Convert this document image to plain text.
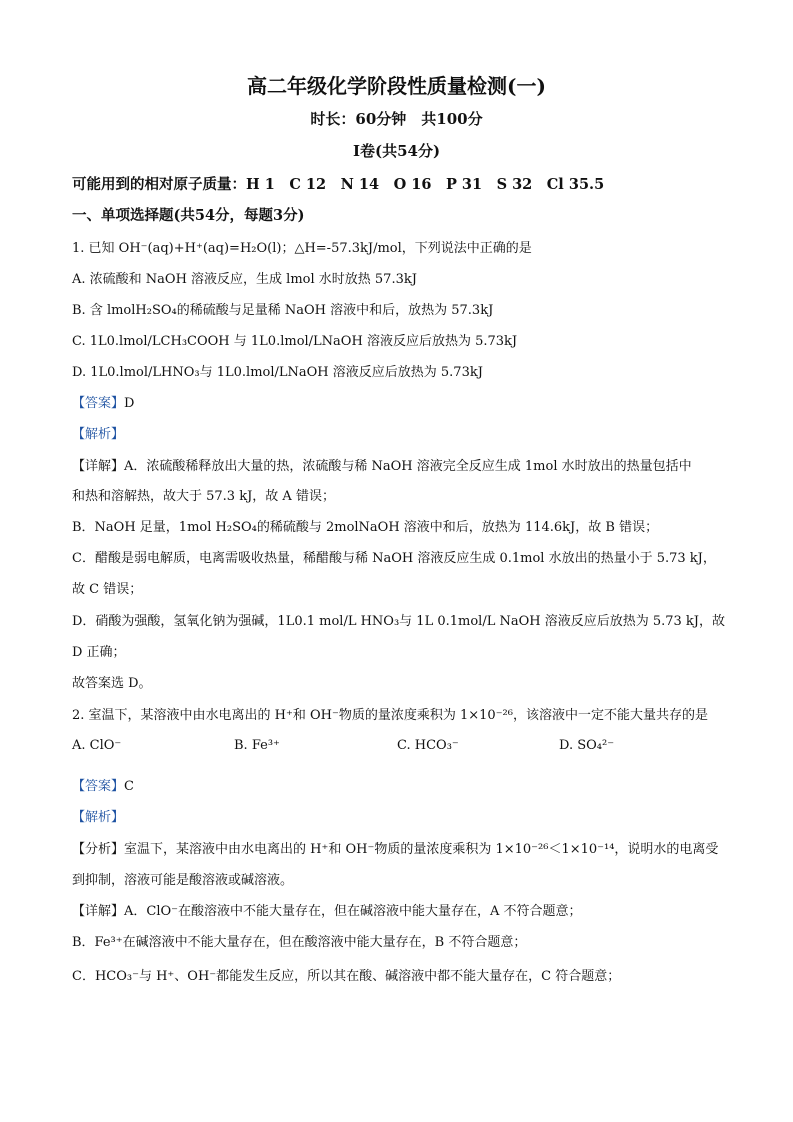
高二年级化学阶段性质量检测(一)
时长：60分钟　共100分
I卷(共54分)
可能用到的相对原子质量：H 1　C 12　N 14　O 16　P 31　S 32　Cl 35.5
一、单项选择题(共54分，每题3分)
1. 已知 OH⁻(aq)+H⁺(aq)=H₂O(l)；△H=-57.3kJ/mol，下列说法中正确的是
A. 浓硫酸和 NaOH 溶液反应，生成 lmol 水时放热 57.3kJ
B. 含 lmolH₂SO₄的稀硫酸与足量稀 NaOH 溶液中和后，放热为 57.3kJ
C. 1L0.lmol/LCH₃COOH 与 1L0.lmol/LNaOH 溶液反应后放热为 5.73kJ
D. 1L0.lmol/LHNO₃与 1L0.lmol/LNaOH 溶液反应后放热为 5.73kJ
【答案】D
【解析】
【详解】A．浓硫酸稀释放出大量的热，浓硫酸与稀 NaOH 溶液完全反应生成 1mol 水时放出的热量包括中
和热和溶解热，故大于 57.3 kJ，故 A 错误；
B．NaOH 足量，1mol H₂SO₄的稀硫酸与 2molNaOH 溶液中和后，放热为 114.6kJ，故 B 错误；
C．醋酸是弱电解质，电离需吸收热量，稀醋酸与稀 NaOH 溶液反应生成 0.1mol 水放出的热量小于 5.73 kJ，
故 C 错误；
D．硝酸为强酸，氢氧化钠为强碱，1L0.1 mol/L HNO₃与 1L 0.1mol/L NaOH 溶液反应后放热为 5.73 kJ，故
D 正确；
故答案选 D。
2. 室温下，某溶液中由水电离出的 H⁺和 OH⁻物质的量浓度乘积为 1×10⁻²⁶，该溶液中一定不能大量共存的是
A. ClO⁻	B. Fe³⁺	C. HCO₃⁻	D. SO₄²⁻
【答案】C
【解析】
【分析】室温下，某溶液中由水电离出的 H⁺和 OH⁻物质的量浓度乘积为 1×10⁻²⁶＜1×10⁻¹⁴，说明水的电离受
到抑制，溶液可能是酸溶液或碱溶液。
【详解】A．ClO⁻在酸溶液中不能大量存在，但在碱溶液中能大量存在，A 不符合题意；
B．Fe³⁺在碱溶液中不能大量存在，但在酸溶液中能大量存在，B 不符合题意；
C．HCO₃⁻与 H⁺、OH⁻都能发生反应，所以其在酸、碱溶液中都不能大量存在，C 符合题意；
